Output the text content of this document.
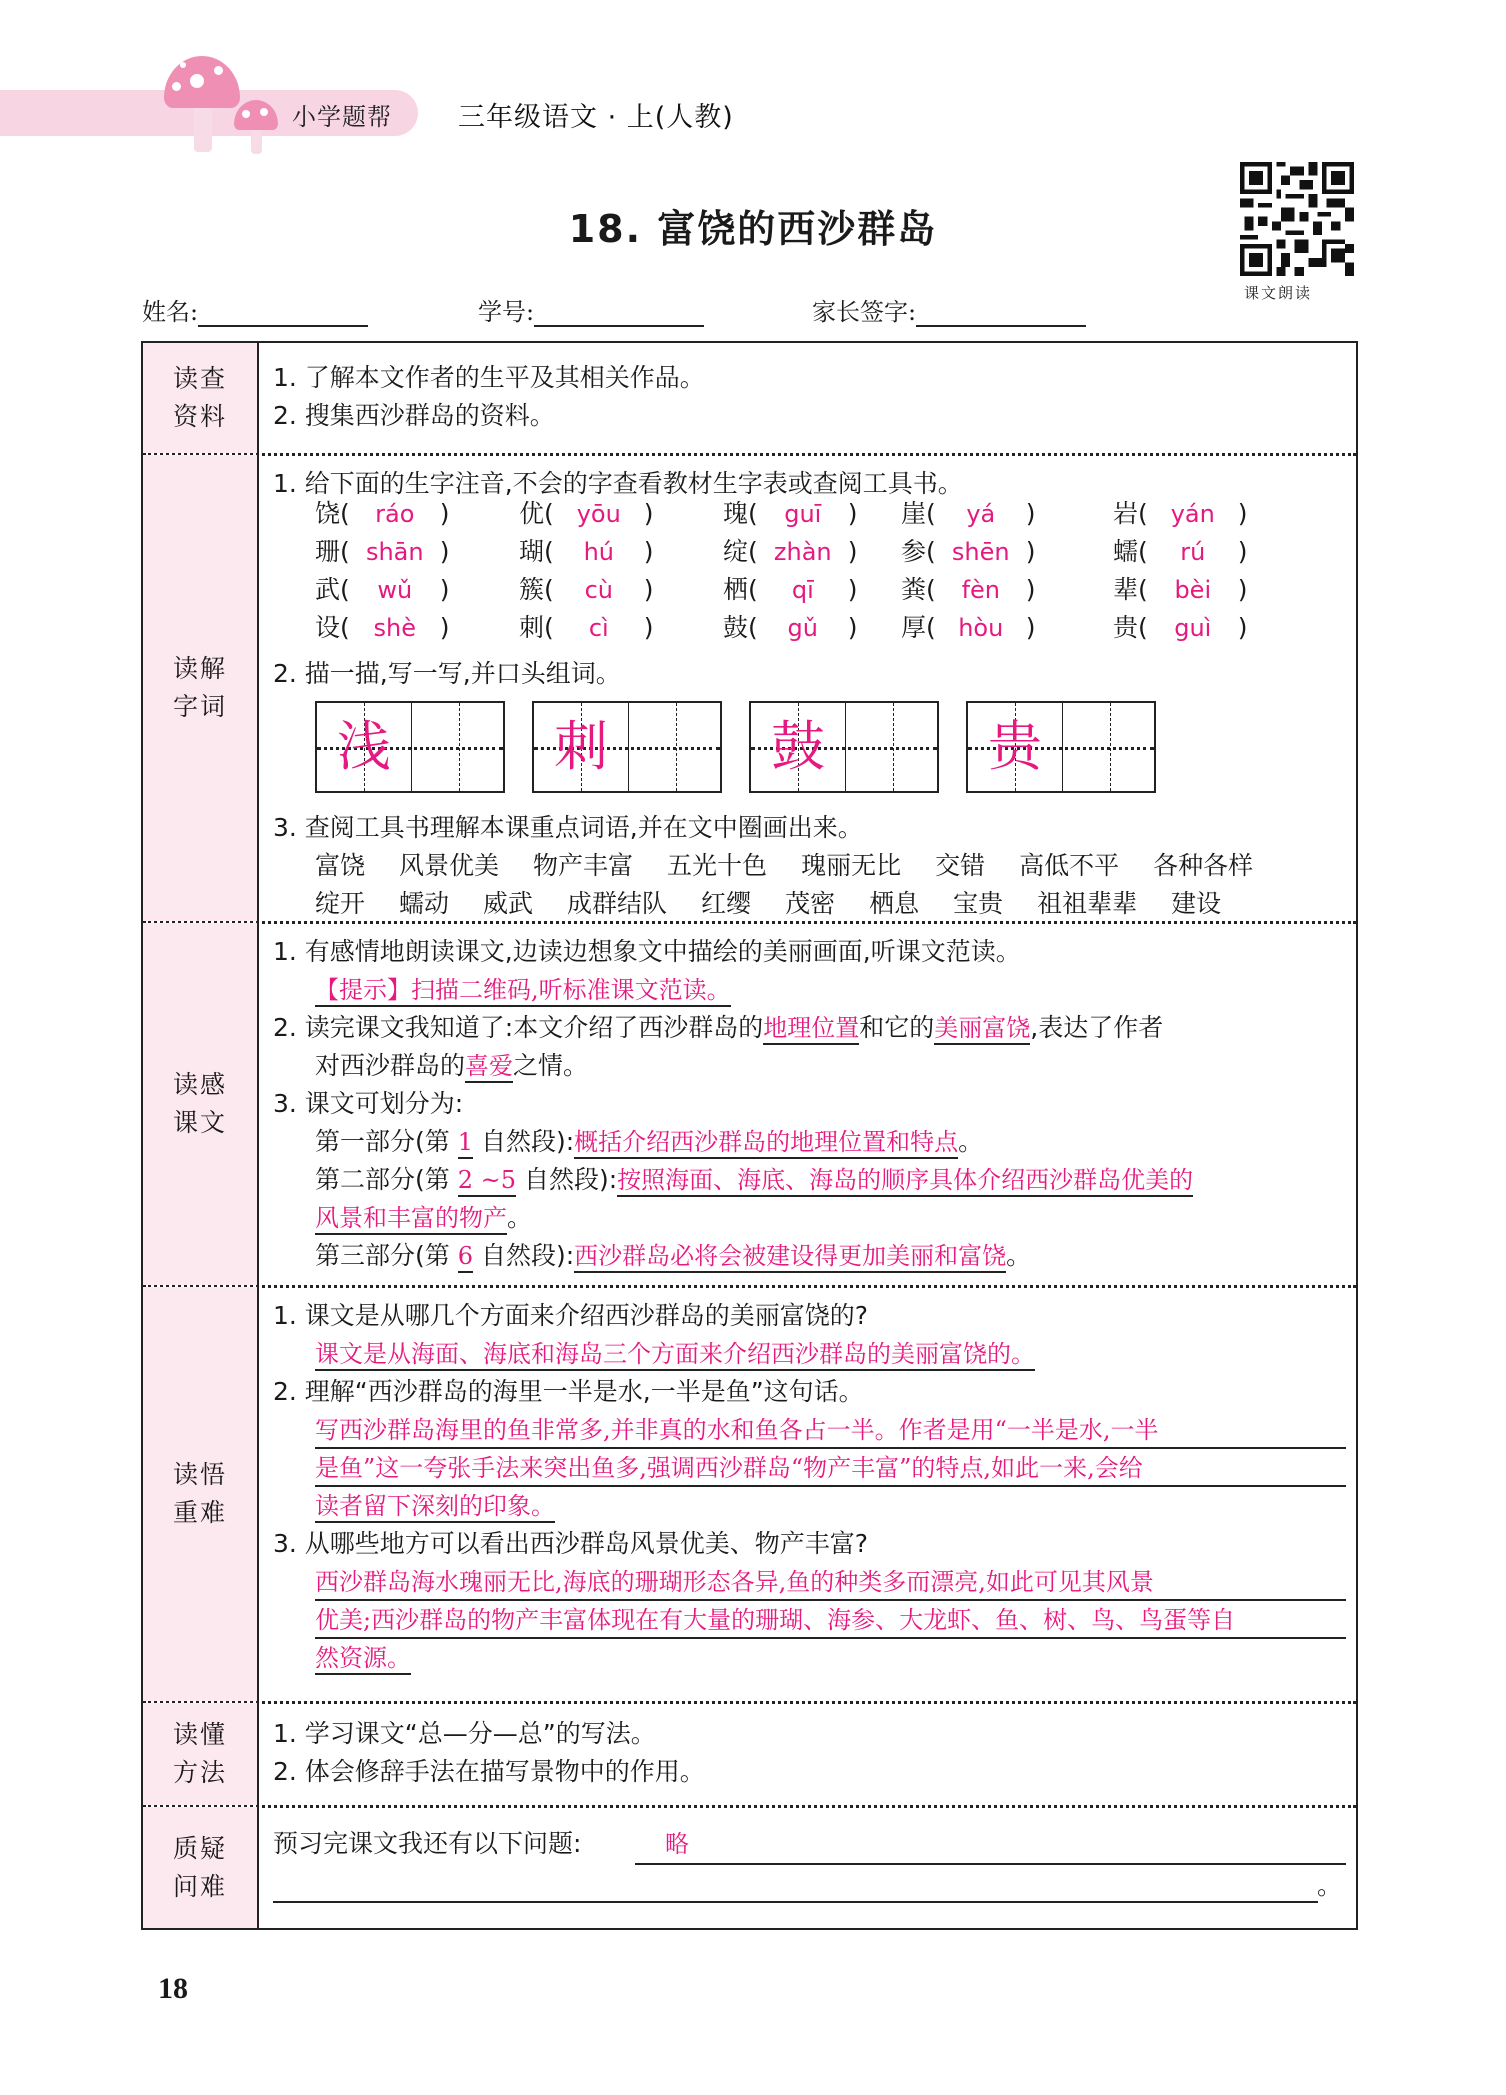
小学题帮 三年级语文 · 上(人教)
18. 富饶的西沙群岛
课文朗读
姓名:	学号:	家长签字:
读查
资料
1. 了解本文作者的生平及其相关作品。
2. 搜集西沙群岛的资料。
读解
字词
1. 给下面的生字注音,不会的字查看教材生字表或查阅工具书。
饶( ráo )	优( yōu )	瑰( guī ) 崖( yá )	岩( yán )
珊( shān )	瑚( hú )	绽( zhàn ) 参( shēn )	蠕( rú )
武( wǔ )	簇( cù )	栖( qī ) 粪( fèn )	辈( bèi )
设( shè )	刺( cì )	鼓( gǔ ) 厚( hòu )	贵( guì )
2. 描一描,写一写,并口头组词。
浅	刺	鼓	贵
3. 查阅工具书理解本课重点词语,并在文中圈画出来。
富饶 风景优美 物产丰富 五光十色 瑰丽无比 交错 高低不平 各种各样
绽开 蠕动 威武 成群结队 红缨 茂密 栖息 宝贵 祖祖辈辈 建设
读感
课文
1. 有感情地朗读课文,边读边想象文中描绘的美丽画面,听课文范读。
【提示】扫描二维码,听标准课文范读。
2. 读完课文我知道了:本文介绍了西沙群岛的地理位置和它的美丽富饶,表达了作者
对西沙群岛的喜爱之情。
3. 课文可划分为:
第一部分(第 1 自然段):概括介绍西沙群岛的地理位置和特点。
第二部分(第 2 ~5 自然段):按照海面、海底、海岛的顺序具体介绍西沙群岛优美的
风景和丰富的物产。
第三部分(第 6 自然段):西沙群岛必将会被建设得更加美丽和富饶。
读悟
重难
1. 课文是从哪几个方面来介绍西沙群岛的美丽富饶的?
课文是从海面、海底和海岛三个方面来介绍西沙群岛的美丽富饶的。
2. 理解“西沙群岛的海里一半是水,一半是鱼”这句话。
写西沙群岛海里的鱼非常多,并非真的水和鱼各占一半。作者是用“一半是水,一半
是鱼”这一夸张手法来突出鱼多,强调西沙群岛“物产丰富”的特点,如此一来,会给
读者留下深刻的印象。
3. 从哪些地方可以看出西沙群岛风景优美、物产丰富?
西沙群岛海水瑰丽无比,海底的珊瑚形态各异,鱼的种类多而漂亮,如此可见其风景
优美;西沙群岛的物产丰富体现在有大量的珊瑚、海参、大龙虾、鱼、树、鸟、鸟蛋等自
然资源。
读懂
方法
1. 学习课文“总—分—总”的写法。
2. 体会修辞手法在描写景物中的作用。
质疑
问难
预习完课文我还有以下问题:	略
。
18
